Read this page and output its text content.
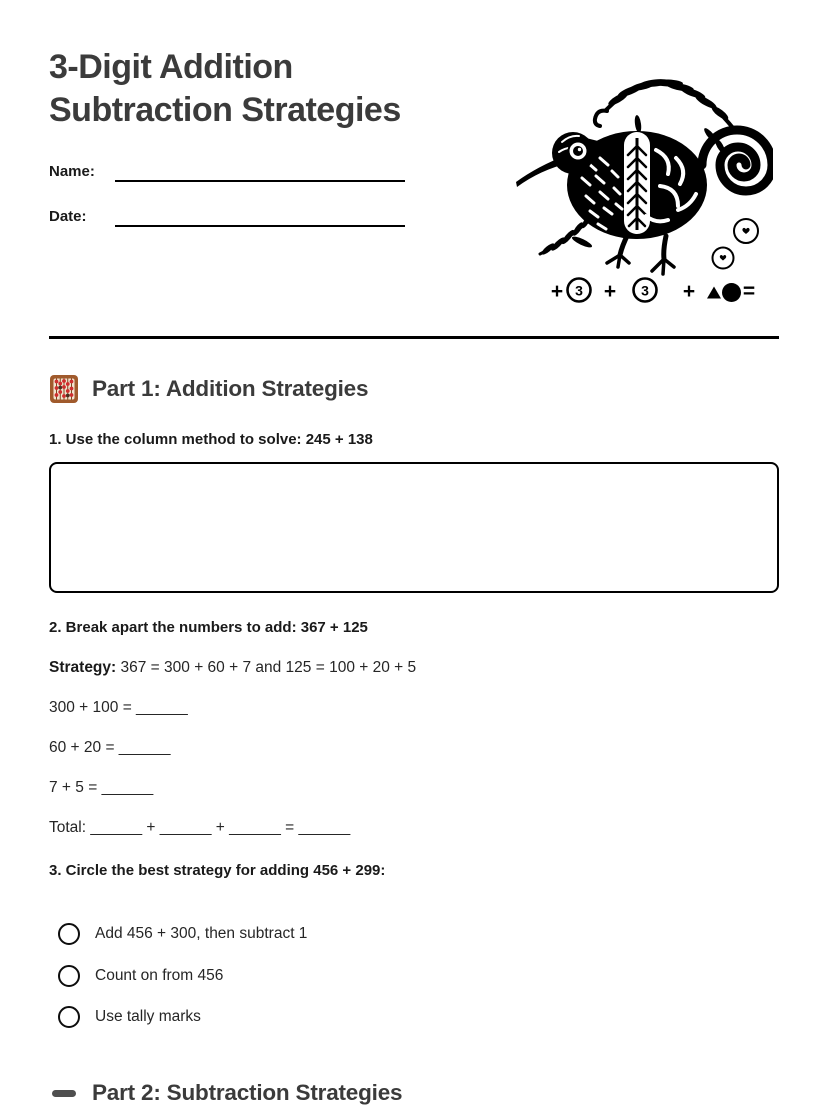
+ 3 + 3 + =
3-Digit Addition
Subtraction Strategies
Name:
Date:
Part 1: Addition Strategies
1. Use the column method to solve: 245 + 138
2. Break apart the numbers to add: 367 + 125
Strategy: 367 = 300 + 60 + 7 and 125 = 100 + 20 + 5
300 + 100 = ______
60 + 20 = ______
7 + 5 = ______
Total: ______ + ______ + ______ = ______
3. Circle the best strategy for adding 456 + 299:
Add 456 + 300, then subtract 1
Count on from 456
Use tally marks
Part 2: Subtraction Strategies
